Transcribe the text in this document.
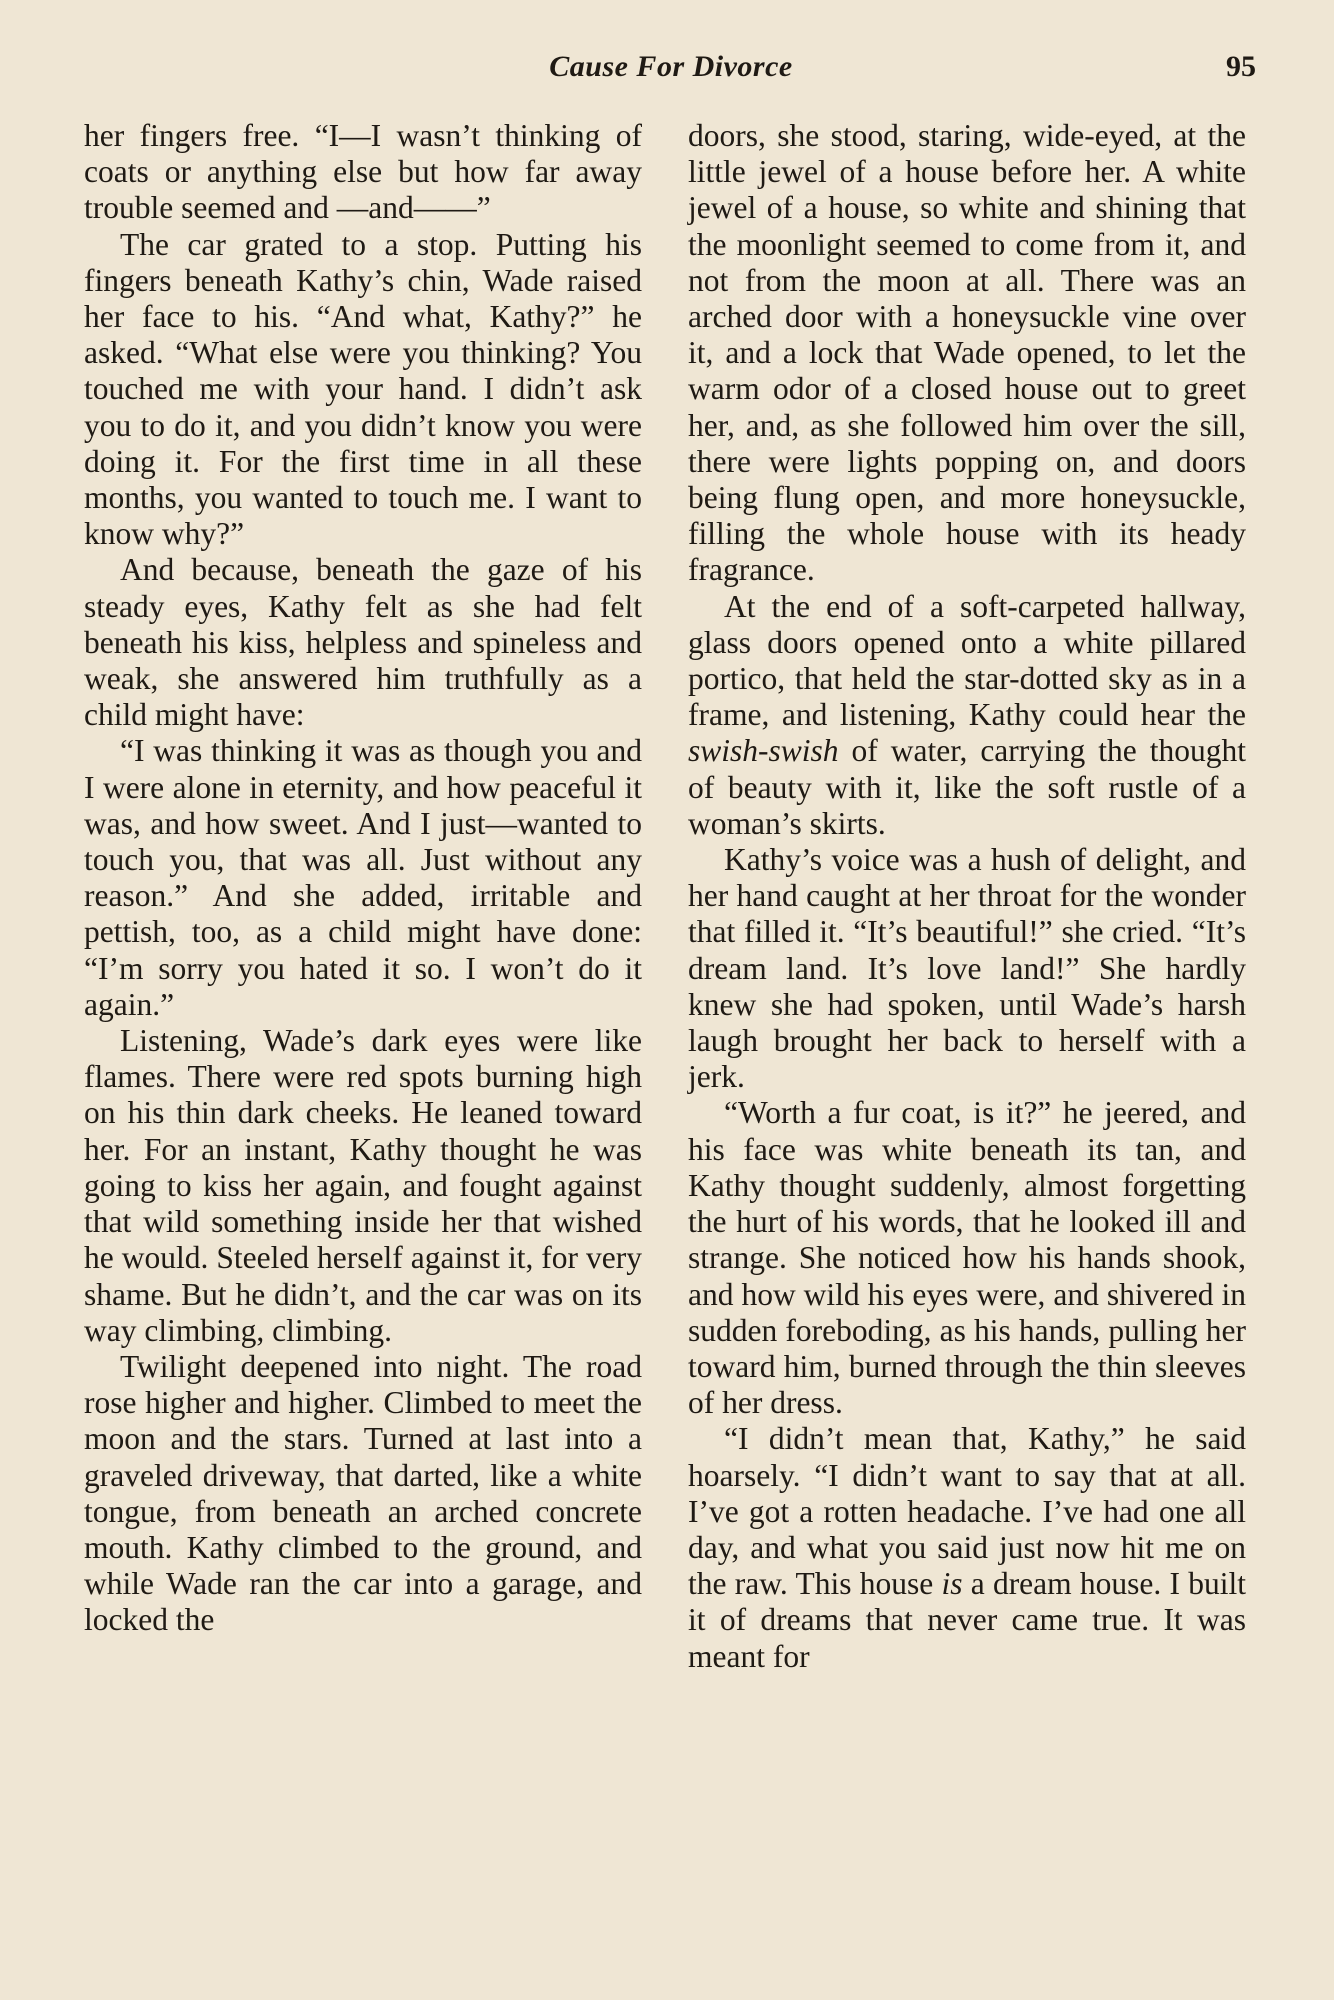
Cause For Divorce	95

her fingers free. “I—I wasn’t thinking of coats or anything else but how far away trouble seemed and —and——”

The car grated to a stop. Putting his fingers beneath Kathy’s chin, Wade raised her face to his. “And what, Kathy?” he asked. “What else were you thinking? You touched me with your hand. I didn’t ask you to do it, and you didn’t know you were doing it. For the first time in all these months, you wanted to touch me. I want to know why?”

And because, beneath the gaze of his steady eyes, Kathy felt as she had felt beneath his kiss, helpless and spineless and weak, she answered him truthfully as a child might have:

“I was thinking it was as though you and I were alone in eternity, and how peaceful it was, and how sweet. And I just—wanted to touch you, that was all. Just without any reason.” And she added, irritable and pettish, too, as a child might have done: “I’m sorry you hated it so. I won’t do it again.”

Listening, Wade’s dark eyes were like flames. There were red spots burning high on his thin dark cheeks. He leaned toward her. For an instant, Kathy thought he was going to kiss her again, and fought against that wild something inside her that wished he would. Steeled herself against it, for very shame. But he didn’t, and the car was on its way climbing, climbing.

Twilight deepened into night. The road rose higher and higher. Climbed to meet the moon and the stars. Turned at last into a graveled driveway, that darted, like a white tongue, from beneath an arched concrete mouth. Kathy climbed to the ground, and while Wade ran the car into a garage, and locked the

doors, she stood, staring, wide-eyed, at the little jewel of a house before her. A white jewel of a house, so white and shining that the moonlight seemed to come from it, and not from the moon at all. There was an arched door with a honeysuckle vine over it, and a lock that Wade opened, to let the warm odor of a closed house out to greet her, and, as she followed him over the sill, there were lights popping on, and doors being flung open, and more honeysuckle, filling the whole house with its heady fragrance.

At the end of a soft-carpeted hallway, glass doors opened onto a white pillared portico, that held the star-dotted sky as in a frame, and listening, Kathy could hear the swish-swish of water, carrying the thought of beauty with it, like the soft rustle of a woman’s skirts.

Kathy’s voice was a hush of delight, and her hand caught at her throat for the wonder that filled it. “It’s beautiful!” she cried. “It’s dream land. It’s love land!” She hardly knew she had spoken, until Wade’s harsh laugh brought her back to herself with a jerk.

“Worth a fur coat, is it?” he jeered, and his face was white beneath its tan, and Kathy thought suddenly, almost forgetting the hurt of his words, that he looked ill and strange. She noticed how his hands shook, and how wild his eyes were, and shivered in sudden foreboding, as his hands, pulling her toward him, burned through the thin sleeves of her dress.

“I didn’t mean that, Kathy,” he said hoarsely. “I didn’t want to say that at all. I’ve got a rotten headache. I’ve had one all day, and what you said just now hit me on the raw. This house is a dream house. I built it of dreams that never came true. It was meant for
